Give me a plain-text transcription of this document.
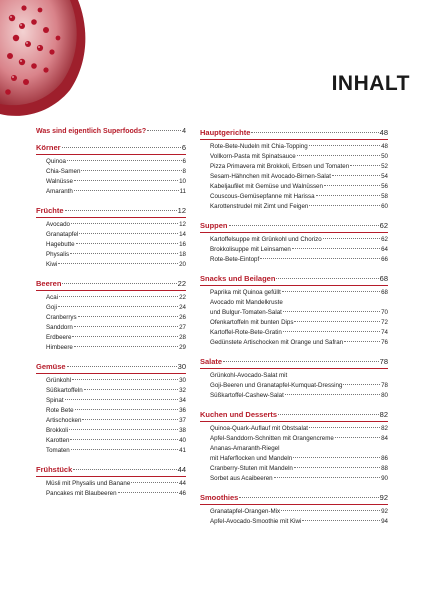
INHALT
Was sind eigentlich Superfoods?	4
Körner	6
Quinoa	6
Chia-Samen	8
Walnüsse	10
Amaranth	11
Früchte	12
Avocado	12
Granatapfel	14
Hagebutte	16
Physalis	18
Kiwi	20
Beeren	22
Acai	22
Goji	24
Cranberrys	26
Sanddorn	27
Erdbeere	28
Himbeere	29
Gemüse	30
Grünkohl	30
Süßkartoffeln	32
Spinat	34
Rote Bete	36
Artischocken	37
Brokkoli	38
Karotten	40
Tomaten	41
Frühstück	44
Müsli mit Physalis und Banane	44
Pancakes mit Blaubeeren	46
Hauptgerichte	48
Rote-Bete-Nudeln mit Chia-Topping	48
Vollkorn-Pasta mit Spinatsauce	50
Pizza Primavera mit Brokkoli, Erbsen und Tomaten	52
Sesam-Hähnchen mit Avocado-Birnen-Salat	54
Kabeljaufilet mit Gemüse und Walnüssen	56
Couscous-Gemüsepfanne mit Harissa	58
Karottenstrudel mit Zimt und Feigen	60
Suppen	62
Kartoffelsuppe mit Grünkohl und Chorizo	62
Brokkolisuppe mit Leinsamen	64
Rote-Bete-Eintopf	66
Snacks und Beilagen	68
Paprika mit Quinoa gefüllt	68
Avocado mit Mandelkruste
und Bulgur-Tomaten-Salat	70
Ofenkartoffeln mit bunten Dips	72
Kartoffel-Rote-Bete-Gratin	74
Gedünstete Artischocken mit Orange und Safran	76
Salate	78
Grünkohl-Avocado-Salat mit
Goji-Beeren und Granatapfel-Kumquat-Dressing	78
Süßkartoffel-Cashew-Salat	80
Kuchen und Desserts	82
Quinoa-Quark-Auflauf mit Obstsalat	82
Apfel-Sanddorn-Schnitten mit Orangencreme	84
Ananas-Amaranth-Riegel
mit Haferflocken und Mandeln	86
Cranberry-Stuten mit Mandeln	88
Sorbet aus Acaibeeren	90
Smoothies	92
Granatapfel-Orangen-Mix	92
Apfel-Avocado-Smoothie mit Kiwi	94
